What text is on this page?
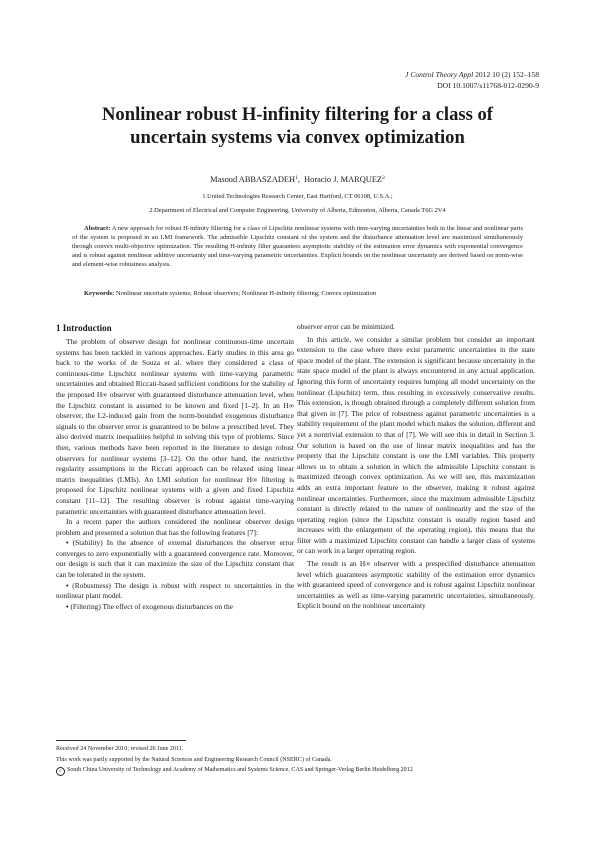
J Control Theory Appl 2012 10 (2) 152–158
DOI 10.1007/s11768-012-0290-9
Nonlinear robust H-infinity filtering for a class of
uncertain systems via convex optimization
Masoud ABBASZADEH$^1$,  Horacio J. MARQUEZ$^2$
1.United Technologies Research Center, East Hartford, CT 06108, U.S.A.;
2.Department of Electrical and Computer Engineering, University of Alberta, Edmonton, Alberta, Canada T6G 2V4
Abstract: A new approach for robust H-infinity filtering for a class of Lipschitz nonlinear systems with time-varying uncertainties both in the linear and nonlinear parts of the system is proposed in an LMI framework. The admissible Lipschitz constant of the system and the disturbance attenuation level are maximized simultaneously through convex multi-objective optimization. The resulting H-infinity filter guarantees asymptotic stability of the estimation error dynamics with exponential convergence and is robust against nonlinear additive uncertainty and time-varying parametric uncertainties. Explicit bounds on the nonlinear uncertainty are derived based on norm-wise and element-wise robustness analysis.
Keywords: Nonlinear uncertain systems; Robust observers; Nonlinear H-infinity filtering; Convex optimization

1 Introduction

The problem of observer design for nonlinear continuous-time uncertain systems has been tackled in various approaches. Early studies in this area go back to the works of de Souza et al. where they considered a class of continuous-time Lipschitz nonlinear systems with time-varying parametric uncertainties and obtained Riccati-based sufficient conditions for the stability of the proposed H∞ observer with guaranteed disturbance attenuation level, when the Lipschitz constant is assumed to be known and fixed [1–2]. In an H∞ observer, the L2-induced gain from the norm-bounded exogenous disturbance signals to the observer error is guaranteed to be below a prescribed level. They also derived matrix inequalities helpful in solving this type of problems. Since then, various methods have been reported in the literature to design robust observers for nonlinear systems [3–12]. On the other hand, the restrictive regularity assumptions in the Riccati approach can be relaxed using linear matrix inequalities (LMIs). An LMI solution for nonlinear H∞ filtering is proposed for Lipschitz nonlinear systems with a given and fixed Lipschitz constant [11–12]. The resulting observer is robust against time-varying parametric uncertainties with guaranteed disturbance attenuation level.

In a recent paper the authors considered the nonlinear observer design problem and presented a solution that has the following features [7]:

• (Stability) In the absence of external disturbances the observer error converges to zero exponentially with a guaranteed convergence rate. Moreover, our design is such that it can maximize the size of the Lipschitz constant that can be tolerated in the system.

• (Robustness) The design is robust with respect to uncertainties in the nonlinear plant model.

• (Filtering) The effect of exogenous disturbances on the

observer error can be minimized.

In this article, we consider a similar problem but consider an important extension to the case where there exist parametric uncertainties in the state space model of the plant. The extension is significant because uncertainty in the state space model of the plant is always encountered in any actual application. Ignoring this form of uncertainty requires lumping all model uncertainty on the nonlinear (Lipschitz) term, thus resulting in excessively conservative results. This extension, is though obtained through a completely different solution from that given in [7]. The price of robustness against parametric uncertainties is a stability requirement of the plant model which makes the solution, different and yet a nontrivial extension to that of [7]. We will see this in detail in Section 3. Our solution is based on the use of linear matrix inequalities and has the property that the Lipschitz constant is one the LMI variables. This property allows us to obtain a solution in which the admissible Lipschitz constant is maximized through convex optimization. As we will see, this maximization adds an extra important feature to the observer, making it robust against nonlinear uncertainties. Furthermore, since the maximum admissible Lipschitz constant is directly related to the nature of nonlinearity and the size of the operating region (since the Lipschitz constant is usually region based and increases with the enlargement of the operating region), this means that the filter with a maximized Lipschitz constant can handle a larger class of systems or can work in a larger operating region.

The result is an H∞ observer with a prespecified disturbance attenuation level which guarantees asymptotic stability of the estimation error dynamics with guaranteed speed of convergence and is robust against Lipschitz nonlinear uncertainties as well as time-varying parametric uncertainties, simultaneously. Explicit bound on the nonlinear uncertainty

Received 24 November 2010; revised 26 June 2011.
This work was partly supported by the Natural Sciences and Engineering Research Council (NSERC) of Canada.
c South China University of Technology and Academy of Mathematics and Systems Science, CAS and Springer-Verlag Berlin Heidelberg 2012
